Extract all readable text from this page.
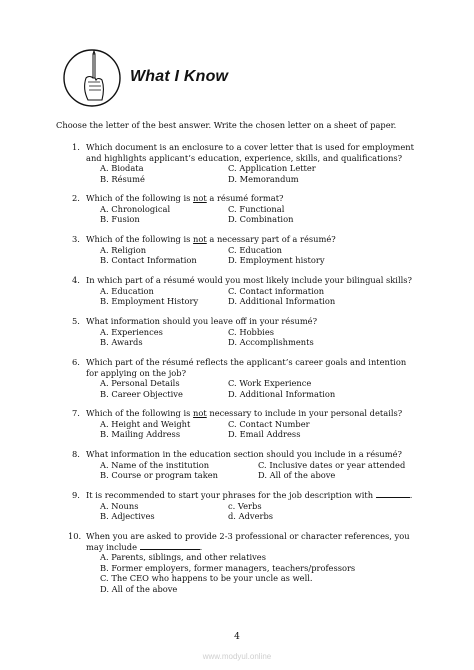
What I Know
Choose the letter of the best answer. Write the chosen letter on a sheet of paper.
1. Which document is an enclosure to a cover letter that is used for employment
and highlights applicant’s education, experience, skills, and qualifications?
A. Biodata	C. Application Letter
B. Résumé	D. Memorandum
2. Which of the following is not a résumé format?
A. Chronological	C. Functional
B. Fusion	D. Combination
3. Which of the following is not a necessary part of a résumé?
A. Religion	C. Education
B. Contact Information	D. Employment history
4. In which part of a résumé would you most likely include your bilingual skills?
A. Education	C. Contact information
B. Employment History	D. Additional Information
5. What information should you leave off in your résumé?
A. Experiences	C. Hobbies
B. Awards	D. Accomplishments
6. Which part of the résumé reflects the applicant’s career goals and intention
for applying on the job?
A. Personal Details	C. Work Experience
B. Career Objective	D. Additional Information
7. Which of the following is not necessary to include in your personal details?
A. Height and Weight	C. Contact Number
B. Mailing Address	D. Email Address
8. What information in the education section should you include in a résumé?
A. Name of the institution	C. Inclusive dates or year attended
B. Course or program taken	D. All of the above
9. It is recommended to start your phrases for the job description with	.
A. Nouns	c. Verbs
B. Adjectives	d. Adverbs
10. When you are asked to provide 2-3 professional or character references, you
may include	.
A. Parents, siblings, and other relatives
B. Former employers, former managers, teachers/professors
C. The CEO who happens to be your uncle as well.
D. All of the above
4
www.modyul.online
